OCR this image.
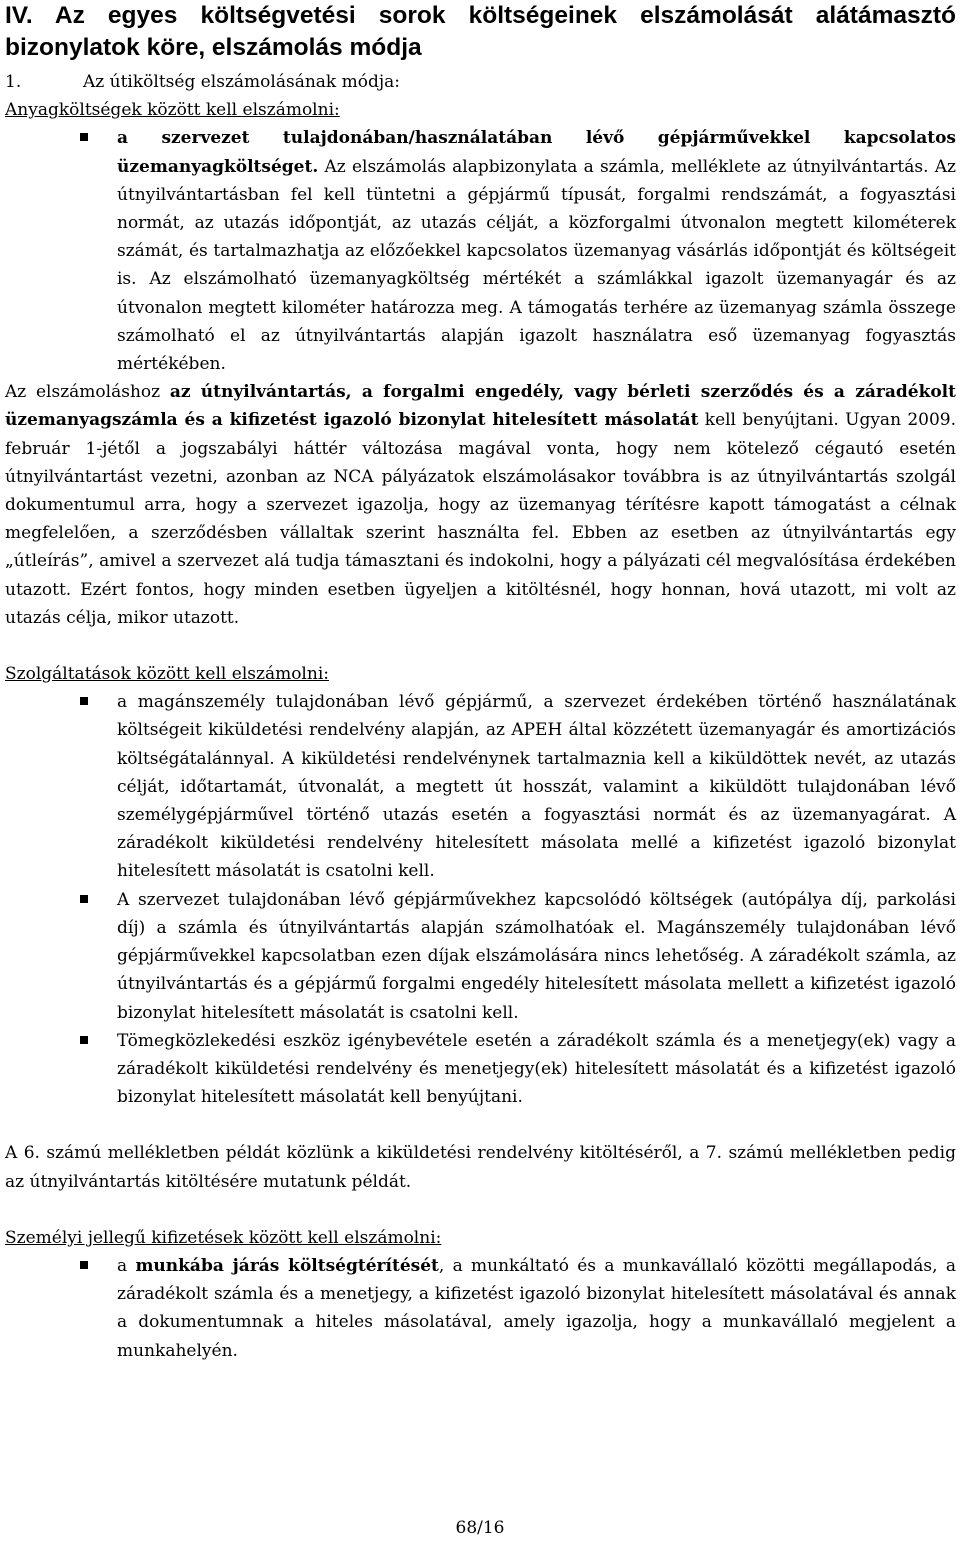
IV. Az egyes költségvetési sorok költségeinek elszámolását alátámasztó bizonylatok köre, elszámolás módja

1.	Az útiköltség elszámolásának módja:

Anyagköltségek között kell elszámolni:

a szervezet tulajdonában/használatában lévő gépjárművekkel kapcsolatos üzemanyagköltséget. Az elszámolás alapbizonylata a számla, melléklete az útnyilvántartás. Az útnyilvántartásban fel kell tüntetni a gépjármű típusát, forgalmi rendszámát, a fogyasztási normát, az utazás időpontját, az utazás célját, a közforgalmi útvonalon megtett kilométerek számát, és tartalmazhatja az előzőekkel kapcsolatos üzemanyag vásárlás időpontját és költségeit is. Az elszámolható üzemanyagköltség mértékét a számlákkal igazolt üzemanyagár és az útvonalon megtett kilométer határozza meg. A támogatás terhére az üzemanyag számla összege számolható el az útnyilvántartás alapján igazolt használatra eső üzemanyag fogyasztás mértékében.

Az elszámoláshoz az útnyilvántartás, a forgalmi engedély, vagy bérleti szerződés és a záradékolt üzemanyagszámla és a kifizetést igazoló bizonylat hitelesített másolatát kell benyújtani. Ugyan 2009. február 1-jétől a jogszabályi háttér változása magával vonta, hogy nem kötelező cégautó esetén útnyilvántartást vezetni, azonban az NCA pályázatok elszámolásakor továbbra is az útnyilvántartás szolgál dokumentumul arra, hogy a szervezet igazolja, hogy az üzemanyag térítésre kapott támogatást a célnak megfelelően, a szerződésben vállaltak szerint használta fel. Ebben az esetben az útnyilvántartás egy „útleírás”, amivel a szervezet alá tudja támasztani és indokolni, hogy a pályázati cél megvalósítása érdekében utazott. Ezért fontos, hogy minden esetben ügyeljen a kitöltésnél, hogy honnan, hová utazott, mi volt az utazás célja, mikor utazott.

Szolgáltatások között kell elszámolni:

a magánszemély tulajdonában lévő gépjármű, a szervezet érdekében történő használatának költségeit kiküldetési rendelvény alapján, az APEH által közzétett üzemanyagár és amortizációs költségátalánnyal. A kiküldetési rendelvénynek tartalmaznia kell a kiküldöttek nevét, az utazás célját, időtartamát, útvonalát, a megtett út hosszát, valamint a kiküldött tulajdonában lévő személygépjárművel történő utazás esetén a fogyasztási normát és az üzemanyagárat. A záradékolt kiküldetési rendelvény hitelesített másolata mellé a kifizetést igazoló bizonylat hitelesített másolatát is csatolni kell.
A szervezet tulajdonában lévő gépjárművekhez kapcsolódó költségek (autópálya díj, parkolási díj) a számla és útnyilvántartás alapján számolhatóak el. Magánszemély tulajdonában lévő gépjárművekkel kapcsolatban ezen díjak elszámolására nincs lehetőség. A záradékolt számla, az útnyilvántartás és a gépjármű forgalmi engedély hitelesített másolata mellett a kifizetést igazoló bizonylat hitelesített másolatát is csatolni kell.
Tömegközlekedési eszköz igénybevétele esetén a záradékolt számla és a menetjegy(ek) vagy a záradékolt kiküldetési rendelvény és menetjegy(ek) hitelesített másolatát és a kifizetést igazoló bizonylat hitelesített másolatát kell benyújtani.

A 6. számú mellékletben példát közlünk a kiküldetési rendelvény kitöltéséről, a 7. számú mellékletben pedig az útnyilvántartás kitöltésére mutatunk példát.

Személyi jellegű kifizetések között kell elszámolni:

a munkába járás költségtérítését, a munkáltató és a munkavállaló közötti megállapodás, a záradékolt számla és a menetjegy, a kifizetést igazoló bizonylat hitelesített másolatával és annak a dokumentumnak a hiteles másolatával, amely igazolja, hogy a munkavállaló megjelent a munkahelyén.
68/16
